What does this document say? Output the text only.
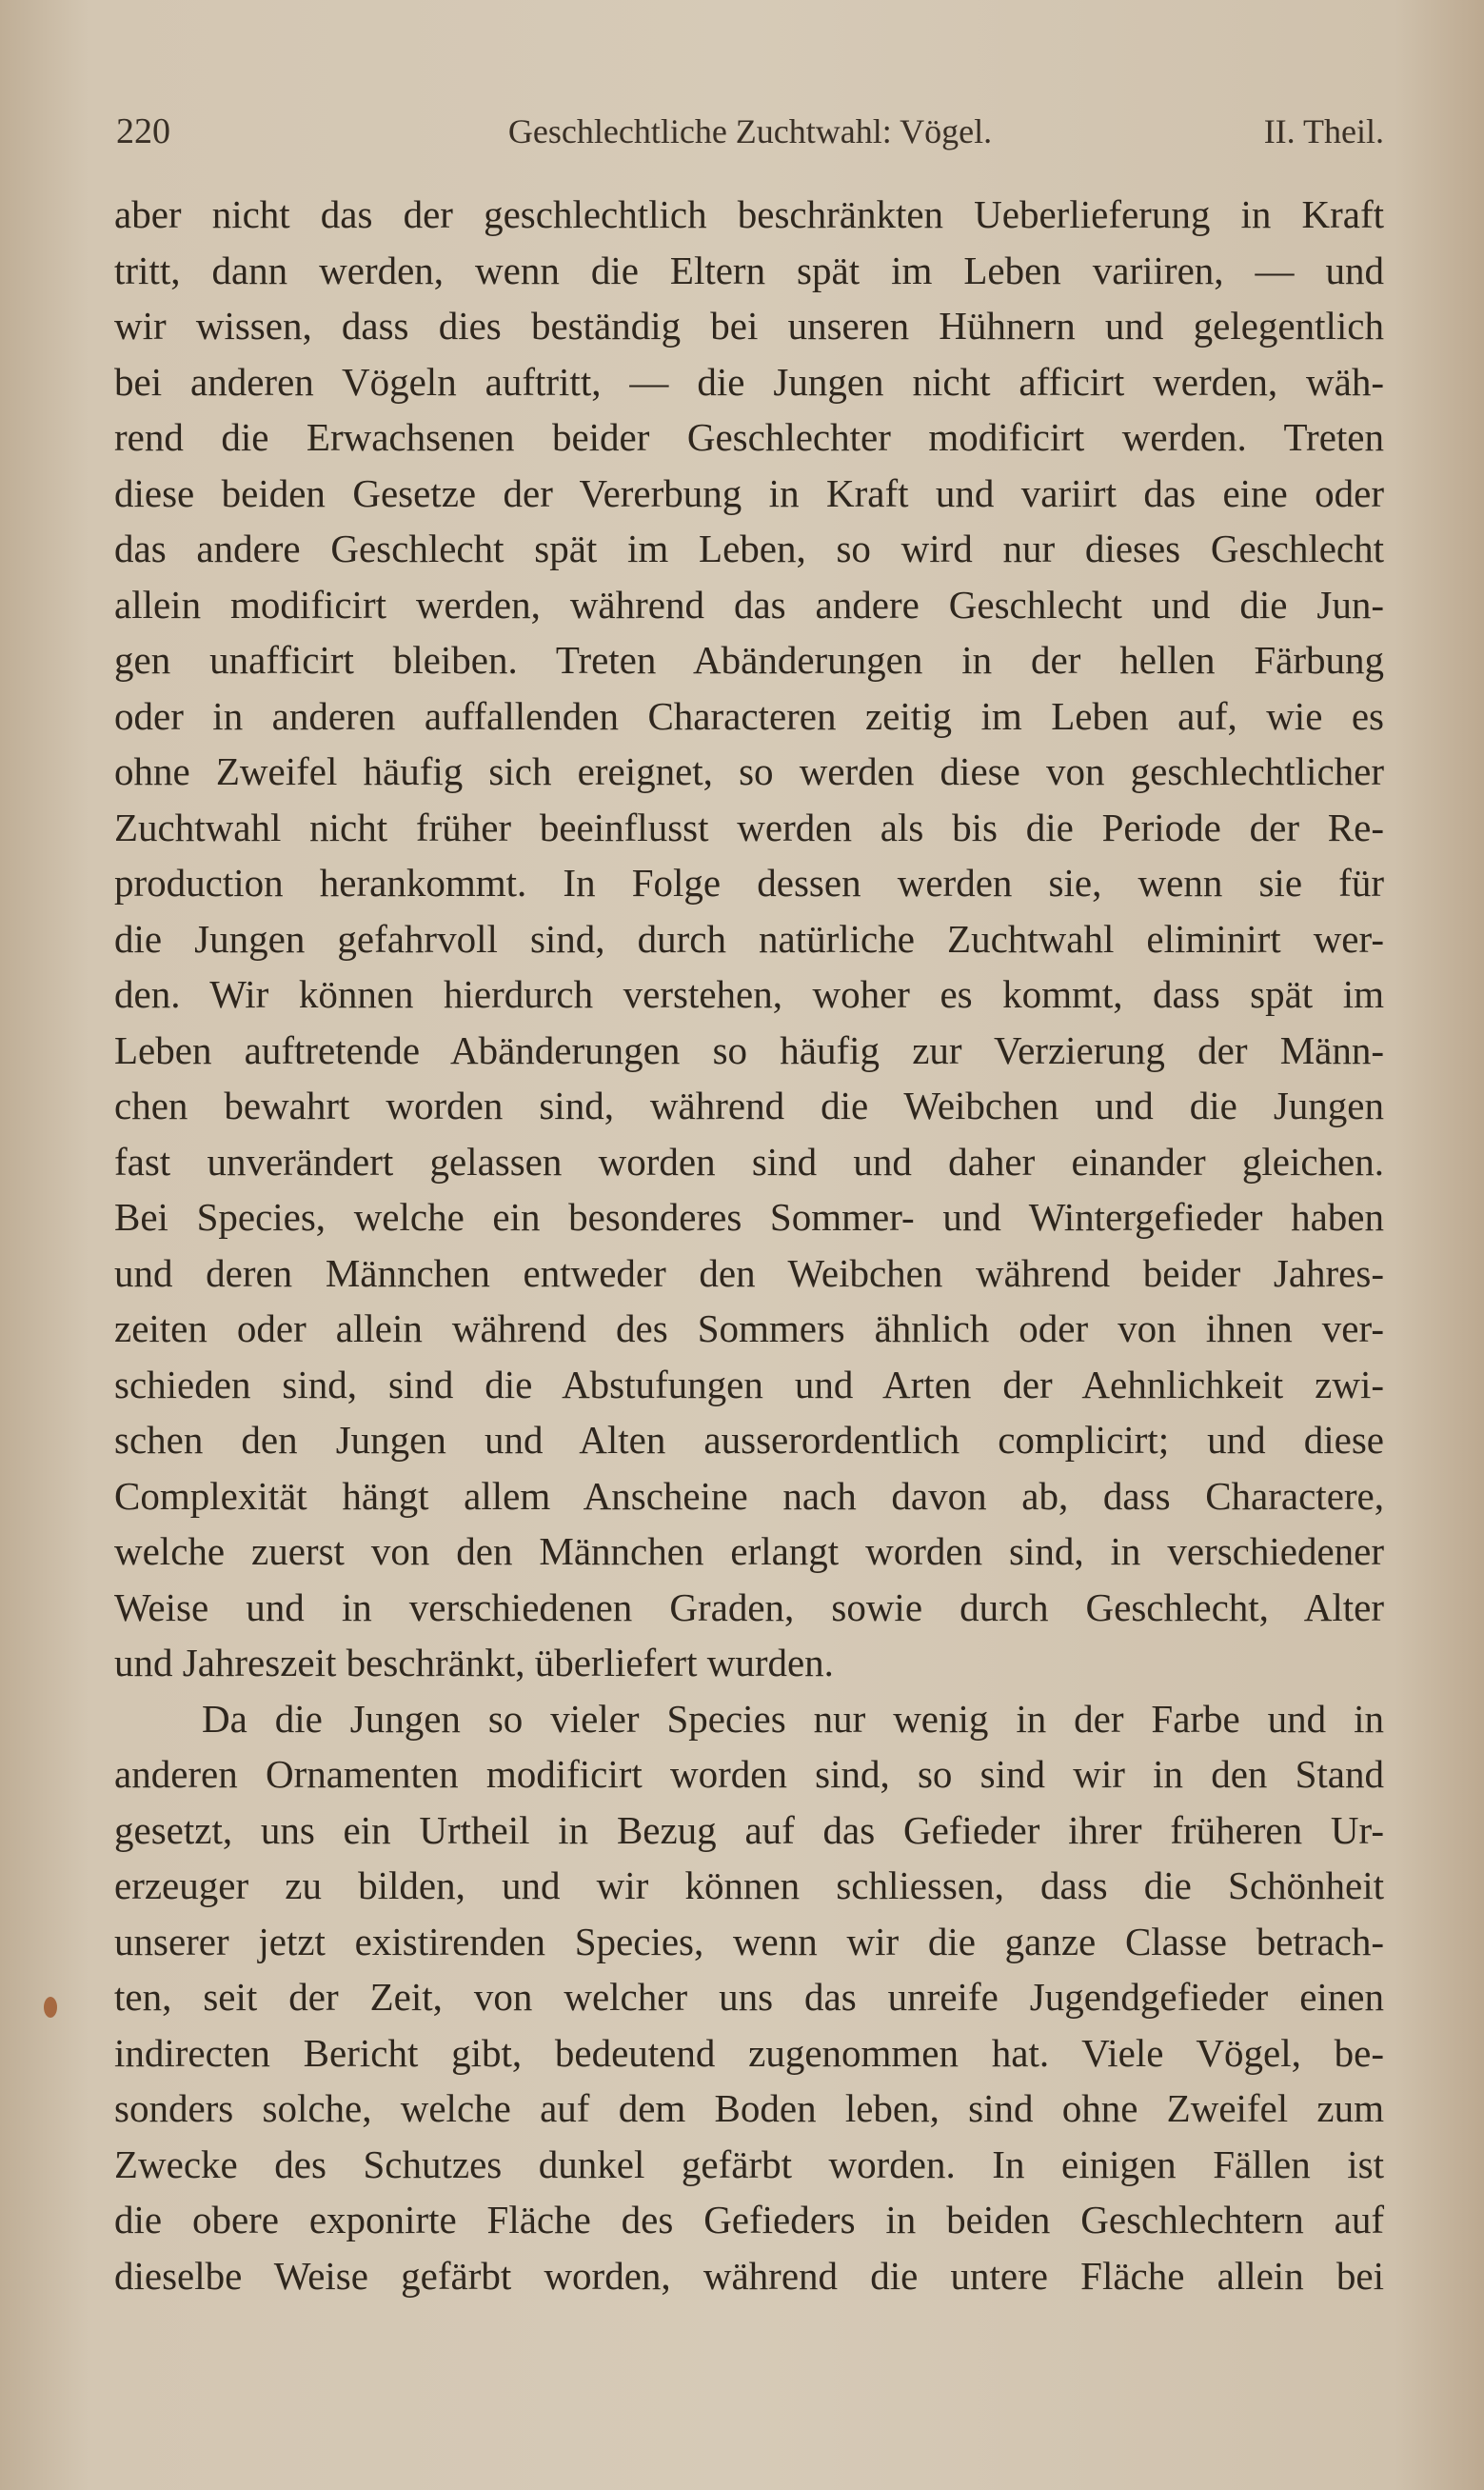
220	Geschlechtliche Zuchtwahl: Vögel.	II. Theil.
aber nicht das der geschlechtlich beschränkten Ueberlieferung in Kraft
tritt, dann werden, wenn die Eltern spät im Leben variiren, — und
wir wissen, dass dies beständig bei unseren Hühnern und gelegentlich
bei anderen Vögeln auftritt, — die Jungen nicht afficirt werden, wäh-
rend die Erwachsenen beider Geschlechter modificirt werden. Treten
diese beiden Gesetze der Vererbung in Kraft und variirt das eine oder
das andere Geschlecht spät im Leben, so wird nur dieses Geschlecht
allein modificirt werden, während das andere Geschlecht und die Jun-
gen unafficirt bleiben. Treten Abänderungen in der hellen Färbung
oder in anderen auffallenden Characteren zeitig im Leben auf, wie es
ohne Zweifel häufig sich ereignet, so werden diese von geschlechtlicher
Zuchtwahl nicht früher beeinflusst werden als bis die Periode der Re-
production herankommt. In Folge dessen werden sie, wenn sie für
die Jungen gefahrvoll sind, durch natürliche Zuchtwahl eliminirt wer-
den. Wir können hierdurch verstehen, woher es kommt, dass spät im
Leben auftretende Abänderungen so häufig zur Verzierung der Männ-
chen bewahrt worden sind, während die Weibchen und die Jungen
fast unverändert gelassen worden sind und daher einander gleichen.
Bei Species, welche ein besonderes Sommer- und Wintergefieder haben
und deren Männchen entweder den Weibchen während beider Jahres-
zeiten oder allein während des Sommers ähnlich oder von ihnen ver-
schieden sind, sind die Abstufungen und Arten der Aehnlichkeit zwi-
schen den Jungen und Alten ausserordentlich complicirt; und diese
Complexität hängt allem Anscheine nach davon ab, dass Charactere,
welche zuerst von den Männchen erlangt worden sind, in verschiedener
Weise und in verschiedenen Graden, sowie durch Geschlecht, Alter
und Jahreszeit beschränkt, überliefert wurden.
Da die Jungen so vieler Species nur wenig in der Farbe und in
anderen Ornamenten modificirt worden sind, so sind wir in den Stand
gesetzt, uns ein Urtheil in Bezug auf das Gefieder ihrer früheren Ur-
erzeuger zu bilden, und wir können schliessen, dass die Schönheit
unserer jetzt existirenden Species, wenn wir die ganze Classe betrach-
ten, seit der Zeit, von welcher uns das unreife Jugendgefieder einen
indirecten Bericht gibt, bedeutend zugenommen hat. Viele Vögel, be-
sonders solche, welche auf dem Boden leben, sind ohne Zweifel zum
Zwecke des Schutzes dunkel gefärbt worden. In einigen Fällen ist
die obere exponirte Fläche des Gefieders in beiden Geschlechtern auf
dieselbe Weise gefärbt worden, während die untere Fläche allein bei
